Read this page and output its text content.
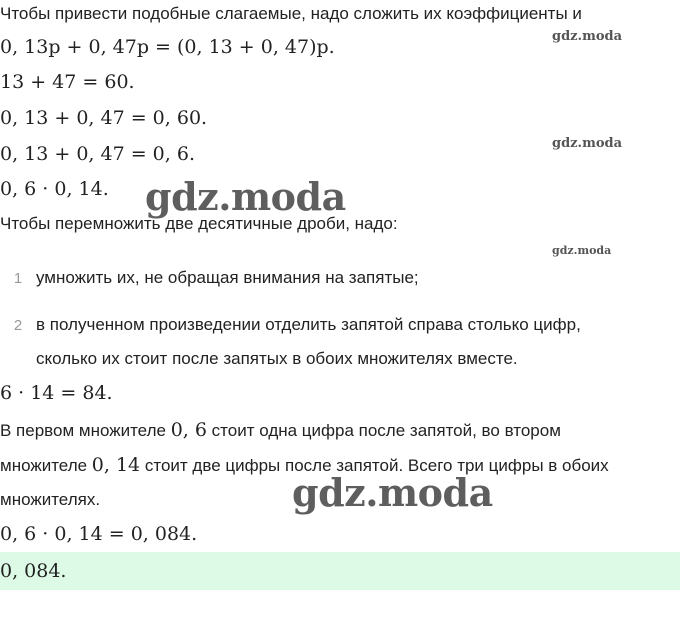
Чтобы привести подобные слагаемые, надо сложить их коэффициенты и
0, 13p + 0, 47p = (0, 13 + 0, 47)p.
13 + 47 = 60.
0, 13 + 0, 47 = 0, 60.
0, 13 + 0, 47 = 0, 6.
0, 6 · 0, 14.
Чтобы перемножить две десятичные дроби, надо:
1 умножить их, не обращая внимания на запятые;
2 в полученном произведении отделить запятой справа столько цифр,
сколько их стоит после запятых в обоих множителях вместе.
6 · 14 = 84.
В первом множителе 0, 6 стоит одна цифра после запятой, во втором
множителе 0, 14 стоит две цифры после запятой. Всего три цифры в обоих
множителях.
0, 6 · 0, 14 = 0, 084.
0, 084.
gdz.moda
gdz.moda
gdz.moda
gdz.moda
gdz.moda
